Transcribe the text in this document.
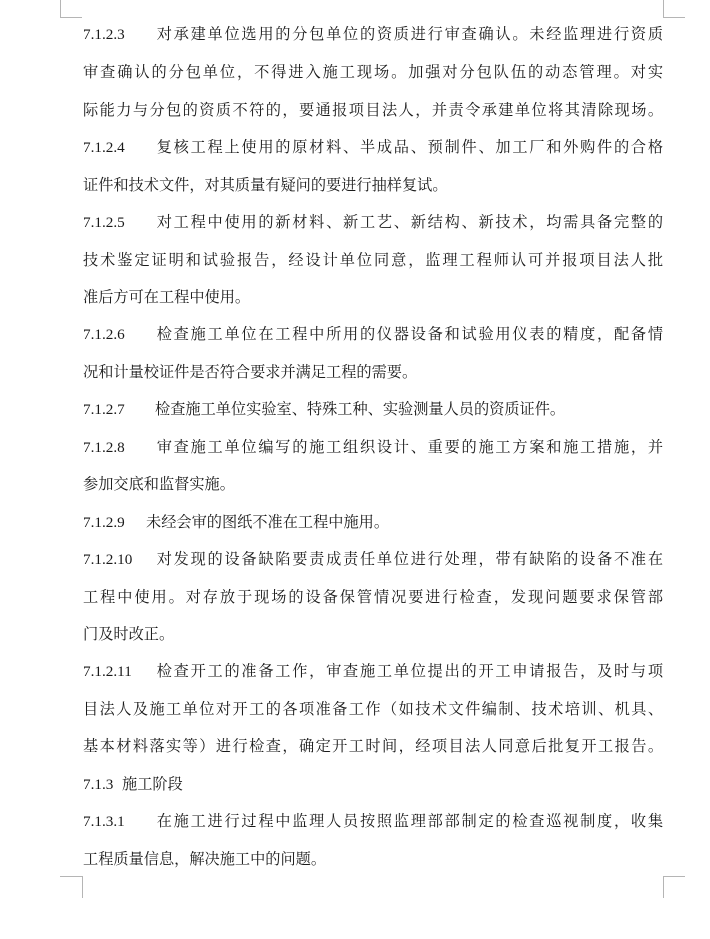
7.1.2.3 对承建单位选用的分包单位的资质进行审查确认。未经监理进行资质
审查确认的分包单位，不得进入施工现场。加强对分包队伍的动态管理。对实
际能力与分包的资质不符的，要通报项目法人，并责令承建单位将其清除现场。
7.1.2.4 复核工程上使用的原材料、半成品、预制件、加工厂和外购件的合格
证件和技术文件，对其质量有疑问的要进行抽样复试。
7.1.2.5 对工程中使用的新材料、新工艺、新结构、新技术，均需具备完整的
技术鉴定证明和试验报告，经设计单位同意，监理工程师认可并报项目法人批
准后方可在工程中使用。
7.1.2.6 检查施工单位在工程中所用的仪器设备和试验用仪表的精度，配备情
况和计量校证件是否符合要求并满足工程的需要。
7.1.2.7 检查施工单位实验室、特殊工种、实验测量人员的资质证件。
7.1.2.8 审查施工单位编写的施工组织设计、重要的施工方案和施工措施，并
参加交底和监督实施。
7.1.2.9 未经会审的图纸不准在工程中施用。
7.1.2.10 对发现的设备缺陷要责成责任单位进行处理，带有缺陷的设备不准在
工程中使用。对存放于现场的设备保管情况要进行检查，发现问题要求保管部
门及时改正。
7.1.2.11 检查开工的准备工作，审查施工单位提出的开工申请报告，及时与项
目法人及施工单位对开工的各项准备工作（如技术文件编制、技术培训、机具、
基本材料落实等）进行检查，确定开工时间，经项目法人同意后批复开工报告。
7.1.3 施工阶段
7.1.3.1 在施工进行过程中监理人员按照监理部部制定的检查巡视制度，收集
工程质量信息，解决施工中的问题。
